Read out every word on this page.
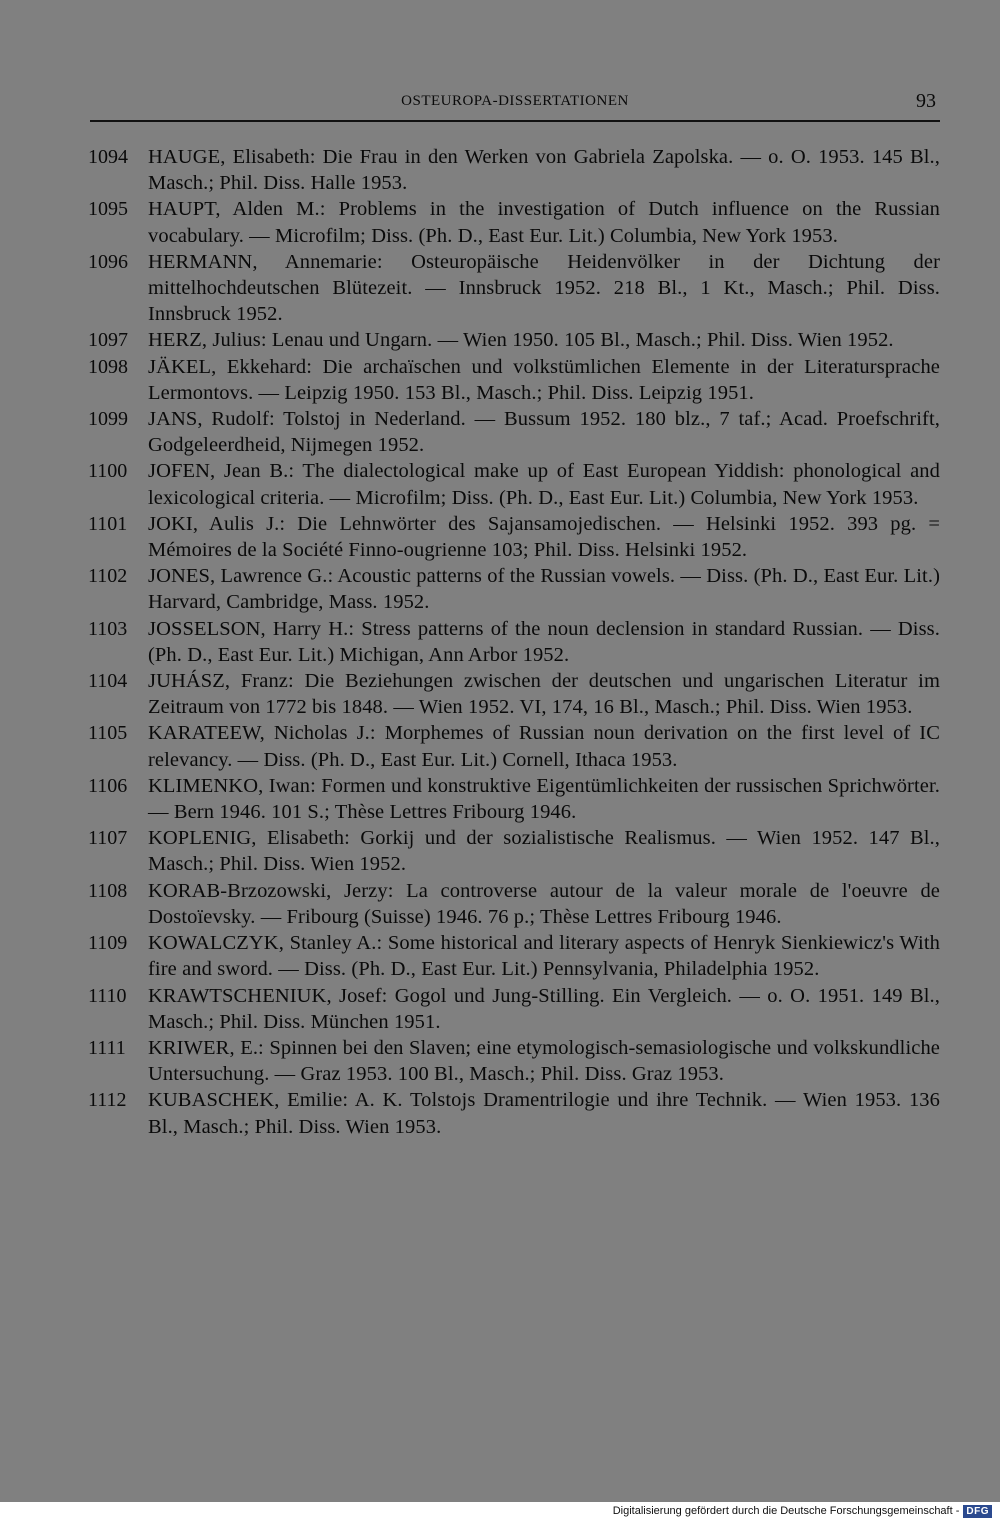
OSTEUROPA-DISSERTATIONEN	93
1094 HAUGE, Elisabeth: Die Frau in den Werken von Gabriela Zapolska. — o. O. 1953. 145 Bl., Masch.; Phil. Diss. Halle 1953.
1095 HAUPT, Alden M.: Problems in the investigation of Dutch influence on the Russian vocabulary. — Microfilm; Diss. (Ph. D., East Eur. Lit.) Columbia, New York 1953.
1096 HERMANN, Annemarie: Osteuropäische Heidenvölker in der Dichtung der mittelhochdeutschen Blütezeit. — Innsbruck 1952. 218 Bl., 1 Kt., Masch.; Phil. Diss. Innsbruck 1952.
1097 HERZ, Julius: Lenau und Ungarn. — Wien 1950. 105 Bl., Masch.; Phil. Diss. Wien 1952.
1098 JÄKEL, Ekkehard: Die archaïschen und volkstümlichen Elemente in der Literatursprache Lermontovs. — Leipzig 1950. 153 Bl., Masch.; Phil. Diss. Leipzig 1951.
1099 JANS, Rudolf: Tolstoj in Nederland. — Bussum 1952. 180 blz., 7 taf.; Acad. Proefschrift, Godgeleerdheid, Nijmegen 1952.
1100	JOFEN, Jean B.: The dialectological make up of East European Yiddish: phonological and lexicological criteria. — Microfilm; Diss. (Ph. D., East Eur. Lit.) Columbia, New York 1953.
1101	JOKI, Aulis J.: Die Lehnwörter des Sajansamojedischen. — Helsinki 1952. 393 pg. = Mémoires de la Société Finno-ougrienne 103; Phil. Diss. Helsinki 1952.
1102	JONES, Lawrence G.: Acoustic patterns of the Russian vowels. — Diss. (Ph. D., East Eur. Lit.) Harvard, Cambridge, Mass. 1952.
1103	JOSSELSON, Harry H.: Stress patterns of the noun declension in standard Russian. — Diss. (Ph. D., East Eur. Lit.) Michigan, Ann Arbor 1952.
1104	JUHÁSZ, Franz: Die Beziehungen zwischen der deutschen und ungarischen Literatur im Zeitraum von 1772 bis 1848. — Wien 1952. VI, 174, 16 Bl., Masch.; Phil. Diss. Wien 1953.
1105	KARATEEW, Nicholas J.: Morphemes of Russian noun derivation on the first level of IC relevancy. — Diss. (Ph. D., East Eur. Lit.) Cornell, Ithaca 1953.
1106	KLIMENKO, Iwan: Formen und konstruktive Eigentümlichkeiten der russischen Sprichwörter. — Bern 1946. 101 S.; Thèse Lettres Fribourg 1946.
1107	KOPLENIG, Elisabeth: Gorkij und der sozialistische Realismus. — Wien 1952. 147 Bl., Masch.; Phil. Diss. Wien 1952.
1108	KORAB-Brzozowski, Jerzy: La controverse autour de la valeur morale de l'oeuvre de Dostoïevsky. — Fribourg (Suisse) 1946. 76 p.; Thèse Lettres Fribourg 1946.
1109	KOWALCZYK, Stanley A.: Some historical and literary aspects of Henryk Sienkiewicz's With fire and sword. — Diss. (Ph. D., East Eur. Lit.) Pennsylvania, Philadelphia 1952.
1110	KRAWTSCHENIUK, Josef: Gogol und Jung-Stilling. Ein Vergleich. — o. O. 1951. 149 Bl., Masch.; Phil. Diss. München 1951.
1111	KRIWER, E.: Spinnen bei den Slaven; eine etymologisch-semasiologische und volkskundliche Untersuchung. — Graz 1953. 100 Bl., Masch.; Phil. Diss. Graz 1953.
1112	KUBASCHEK, Emilie: A. K. Tolstojs Dramentrilogie und ihre Technik. — Wien 1953. 136 Bl., Masch.; Phil. Diss. Wien 1953.
Digitalisierung gefördert durch die Deutsche Forschungsgemeinschaft - DFG
